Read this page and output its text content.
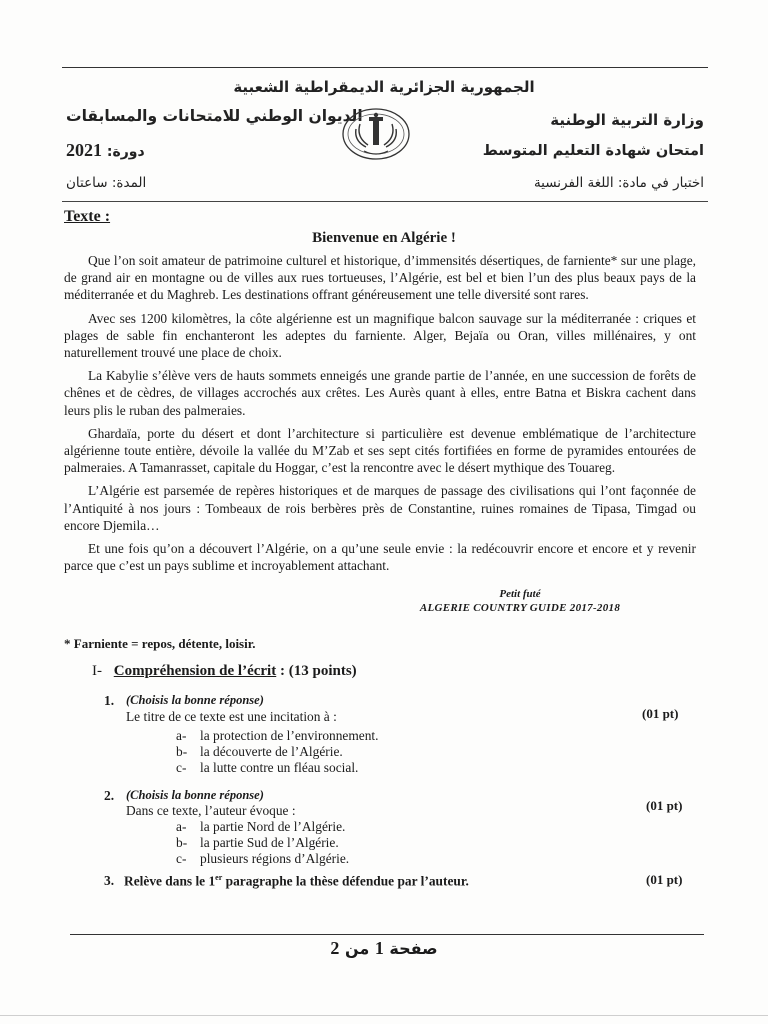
الجمهورية الجزائرية الديمقراطية الشعبية
الديوان الوطني للامتحانات والمسابقات
دورة: 2021
المدة: ساعتان
وزارة التربية الوطنية
امتحان شهادة التعليم المتوسط
اختبار في مادة: اللغة الفرنسية
Texte :
Bienvenue en Algérie !

Que l’on soit amateur de patrimoine culturel et historique, d’immensités désertiques, de farniente* sur une plage, de grand air en montagne ou de villes aux rues tortueuses, l’Algérie, est bel et bien l’un des plus beaux pays de la méditerranée et du Maghreb. Les destinations offrant généreusement une telle diversité sont rares.

Avec ses 1200 kilomètres, la côte algérienne est un magnifique balcon sauvage sur la méditerranée : criques et plages de sable fin enchanteront les adeptes du farniente. Alger, Bejaïa ou Oran, villes millénaires, y ont naturellement trouvé une place de choix.

La Kabylie s’élève vers de hauts sommets enneigés une grande partie de l’année, en une succession de forêts de chênes et de cèdres, de villages accrochés aux crêtes. Les Aurès quant à elles, entre Batna et Biskra cachent dans leurs plis le ruban des palmeraies.

Ghardaïa, porte du désert et dont l’architecture si particulière est devenue emblématique de l’architecture algérienne toute entière, dévoile la vallée du M’Zab et ses sept cités fortifiées en forme de pyramides entourées de palmeraies. A Tamanrasset, capitale du Hoggar, c’est la rencontre avec le désert mythique des Touareg.

L’Algérie est parsemée de repères historiques et de marques de passage des civilisations qui l’ont façonnée de l’Antiquité à nos jours : Tombeaux de rois berbères près de Constantine, ruines romaines de Tipasa, Timgad ou encore Djemila…

Et une fois qu’on a découvert l’Algérie, on a qu’une seule envie : la redécouvrir encore et encore et y revenir parce que c’est un pays sublime et incroyablement attachant.

Petit futé
ALGERIE COUNTRY GUIDE 2017-2018
* Farniente = repos, détente, loisir.
I- Compréhension de l’écrit : (13 points)
1. (Choisis la bonne réponse)
Le titre de ce texte est une incitation à :	(01 pt)
a- la protection de l’environnement.
b- la découverte de l’Algérie.
c- la lutte contre un fléau social.
2. (Choisis la bonne réponse)
Dans ce texte, l’auteur évoque :	(01 pt)
a- la partie Nord de l’Algérie.
b- la partie Sud de l’Algérie.
c- plusieurs régions d’Algérie.
3. Relève dans le 1er paragraphe la thèse défendue par l’auteur.	(01 pt)
صفحة 1 من 2
